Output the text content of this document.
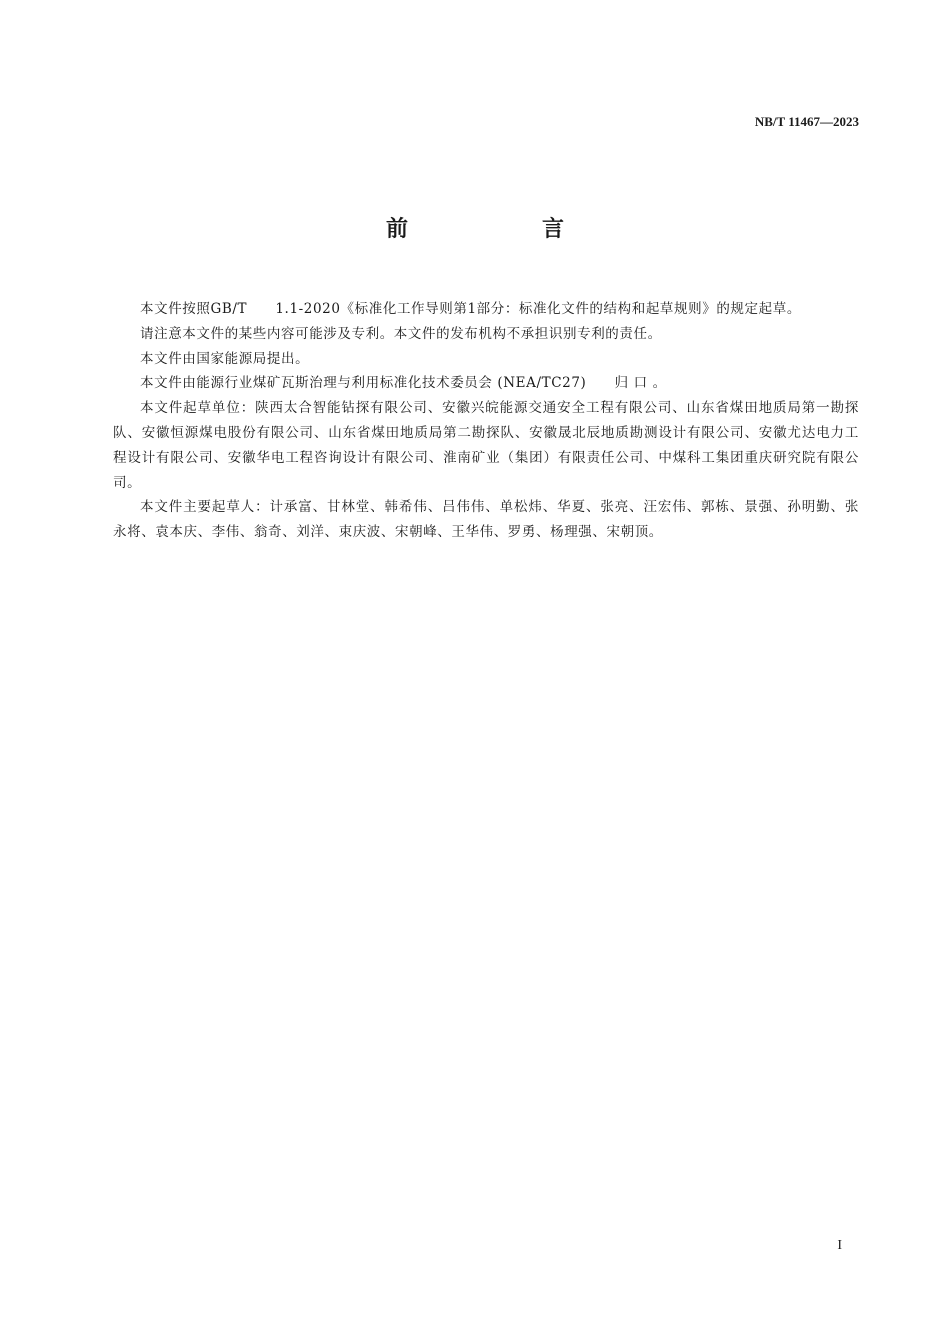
NB/T 11467—2023
前　言

本文件按照GB/T　　1.1-2020《标准化工作导则第1部分：标准化文件的结构和起草规则》的规定起草。

请注意本文件的某些内容可能涉及专利。本文件的发布机构不承担识别专利的责任。

本文件由国家能源局提出。

本文件由能源行业煤矿瓦斯治理与利用标准化技术委员会 (NEA/TC27)　　归 口 。

本文件起草单位：陕西太合智能钻探有限公司、安徽兴皖能源交通安全工程有限公司、山东省煤田地质局第一勘探队、安徽恒源煤电股份有限公司、山东省煤田地质局第二勘探队、安徽晟北辰地质勘测设计有限公司、安徽尤达电力工程设计有限公司、安徽华电工程咨询设计有限公司、淮南矿业（集团）有限责任公司、中煤科工集团重庆研究院有限公司。

本文件主要起草人：计承富、甘林堂、韩希伟、吕伟伟、单松炜、华夏、张亮、汪宏伟、郭栋、景强、孙明勤、张永将、袁本庆、李伟、翁奇、刘洋、束庆波、宋朝峰、王华伟、罗勇、杨理强、宋朝顶。

I
